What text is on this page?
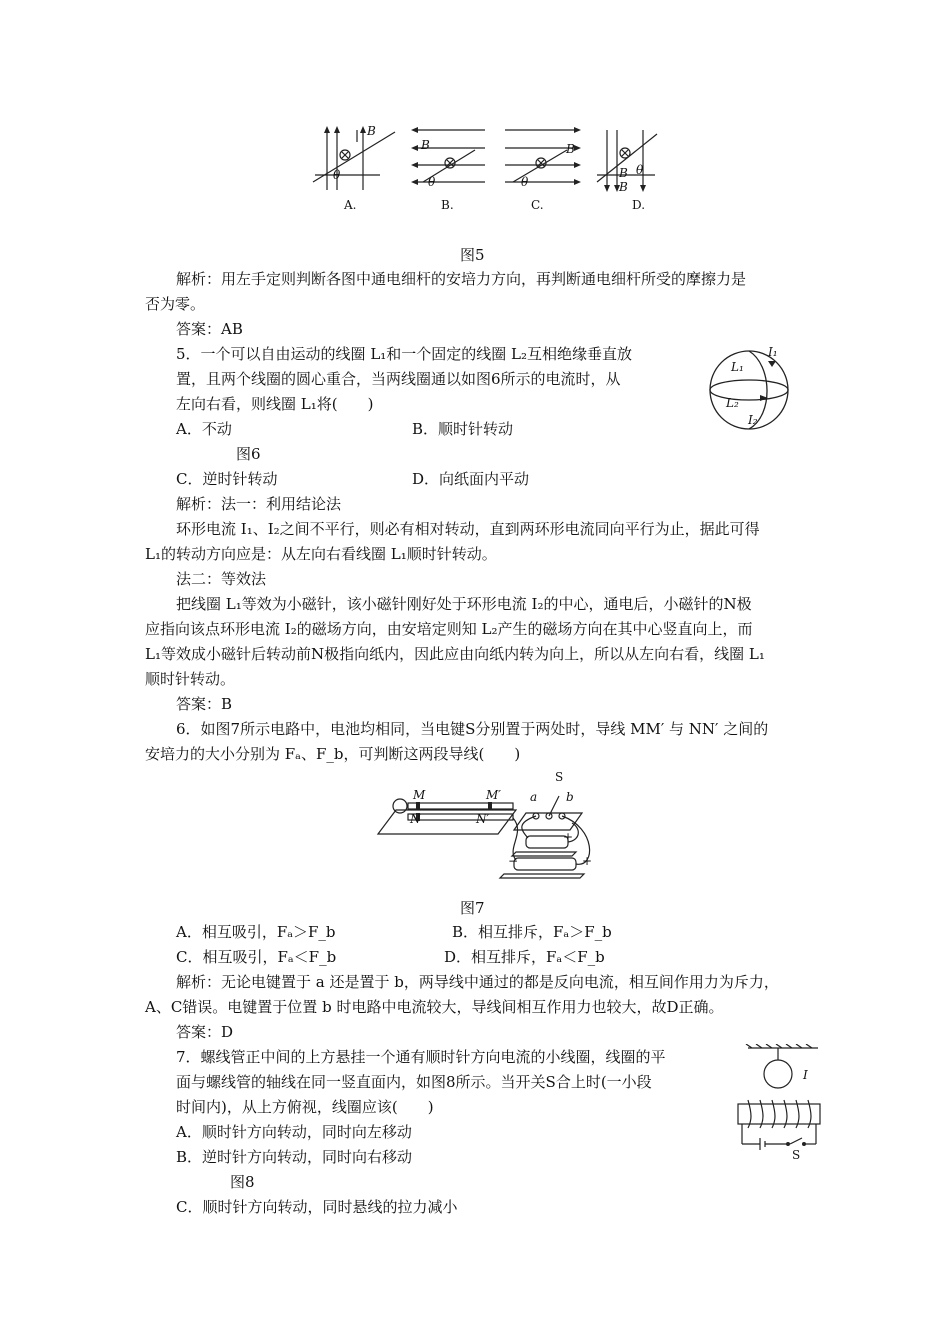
B
θ
B
θ
B
θ
B
B
θ
A.	B.	C.	D.
图5
解析：用左手定则判断各图中通电细杆的安培力方向，再判断通电细杆所受的摩擦力是
否为零。
答案：AB
5．一个可以自由运动的线圈 L₁和一个固定的线圈 L₂互相绝缘垂直放
置，且两个线圈的圆心重合，当两线圈通以如图6所示的电流时，从
左向右看，则线圈 L₁将(　　)
A．不动	B．顺时针转动
图6
C．逆时针转动	D．向纸面内平动
I₁
L₁
L₂
I₂
解析：法一：利用结论法
环形电流 I₁、I₂之间不平行，则必有相对转动，直到两环形电流同向平行为止，据此可得
L₁的转动方向应是：从左向右看线圈 L₁顺时针转动。
法二：等效法
把线圈 L₁等效为小磁针，该小磁针刚好处于环形电流 I₂的中心，通电后，小磁针的N极
应指向该点环形电流 I₂的磁场方向，由安培定则知 L₂产生的磁场方向在其中心竖直向上，而
L₁等效成小磁针后转动前N极指向纸内，因此应由向纸内转为向上，所以从左向右看，线圈 L₁
顺时针转动。
答案：B
6．如图7所示电路中，电池均相同，当电键S分别置于两处时，导线 MM′ 与 NN′ 之间的
安培力的大小分别为 Fₐ、F_b，可判断这两段导线(　　)
S
M	M′
N	N′
a b
+
+
−
图7
A．相互吸引，Fₐ＞F_b	B．相互排斥，Fₐ＞F_b
C．相互吸引，Fₐ＜F_b	D．相互排斥，Fₐ＜F_b
解析：无论电键置于 a 还是置于 b，两导线中通过的都是反向电流，相互间作用力为斥力，
A、C错误。电键置于位置 b 时电路中电流较大，导线间相互作用力也较大，故D正确。
答案：D
7．螺线管正中间的上方悬挂一个通有顺时针方向电流的小线圈，线圈的平
面与螺线管的轴线在同一竖直面内，如图8所示。当开关S合上时(一小段
时间内)，从上方俯视，线圈应该(　　)
A．顺时针方向转动，同时向左移动
B．逆时针方向转动，同时向右移动
图8
C．顺时针方向转动，同时悬线的拉力减小
I
S
